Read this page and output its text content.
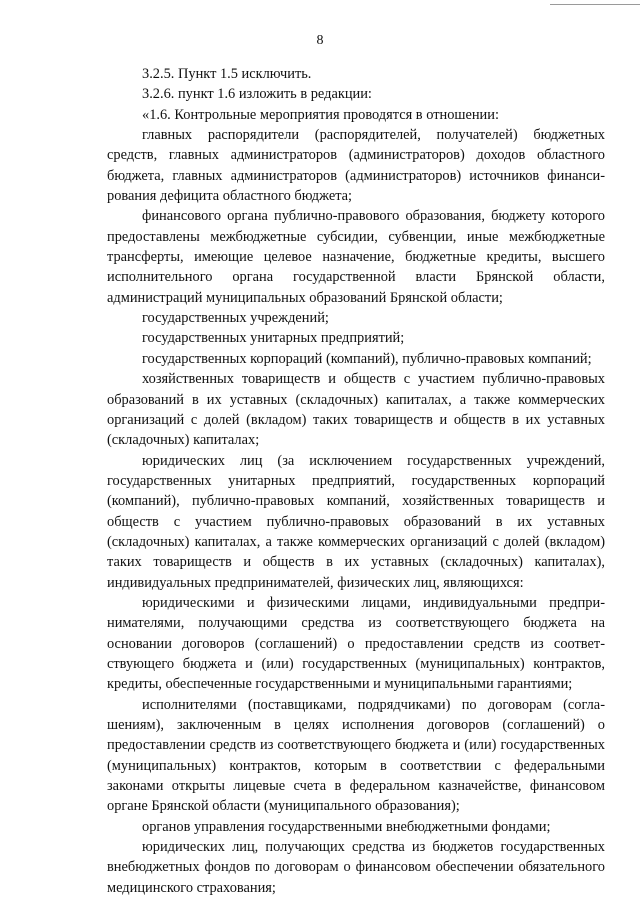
8

3.2.5. Пункт 1.5 исключить.

3.2.6. пункт 1.6 изложить в редакции:

«1.6. Контрольные мероприятия проводятся в отношении:

главных распорядители (распорядителей, получателей) бюджетных средств, главных администраторов (администраторов) доходов областного бюджета, главных администраторов (администраторов) источников финансирования дефицита областного бюджета;

финансового органа публично-правового образования, бюджету которого предоставлены межбюджетные субсидии, субвенции, иные межбюджетные трансферты, имеющие целевое назначение, бюджетные кредиты, высшего исполнительного органа государственной власти Брянской области, администраций муниципальных образований Брянской области;

государственных учреждений;

государственных унитарных предприятий;

государственных корпораций (компаний), публично-правовых компаний;

хозяйственных товариществ и обществ с участием публично-правовых образований в их уставных (складочных) капиталах, а также коммерческих организаций с долей (вкладом) таких товариществ и обществ в их уставных (складочных) капиталах;

юридических лиц (за исключением государственных учреждений, государственных унитарных предприятий, государственных корпораций (компаний), публично-правовых компаний, хозяйственных товариществ и обществ с участием публично-правовых образований в их уставных (складочных) капиталах, а также коммерческих организаций с долей (вкладом) таких товариществ и обществ в их уставных (складочных) капиталах), индивидуальных предпринимателей, физических лиц, являющихся:

юридическими и физическими лицами, индивидуальными предпринимателями, получающими средства из соответствующего бюджета на основании договоров (соглашений) о предоставлении средств из соответствующего бюджета и (или) государственных (муниципальных) контрактов, кредиты, обеспеченные государственными и муниципальными гарантиями;

исполнителями (поставщиками, подрядчиками) по договорам (соглашениям), заключенным в целях исполнения договоров (соглашений) о предоставлении средств из соответствующего бюджета и (или) государственных (муниципальных) контрактов, которым в соответствии с федеральными законами открыты лицевые счета в федеральном казначействе, финансовом органе Брянской области (муниципального образования);

органов управления государственными внебюджетными фондами;

юридических лиц, получающих средства из бюджетов государственных внебюджетных фондов по договорам о финансовом обеспечении обязательного медицинского страхования;
